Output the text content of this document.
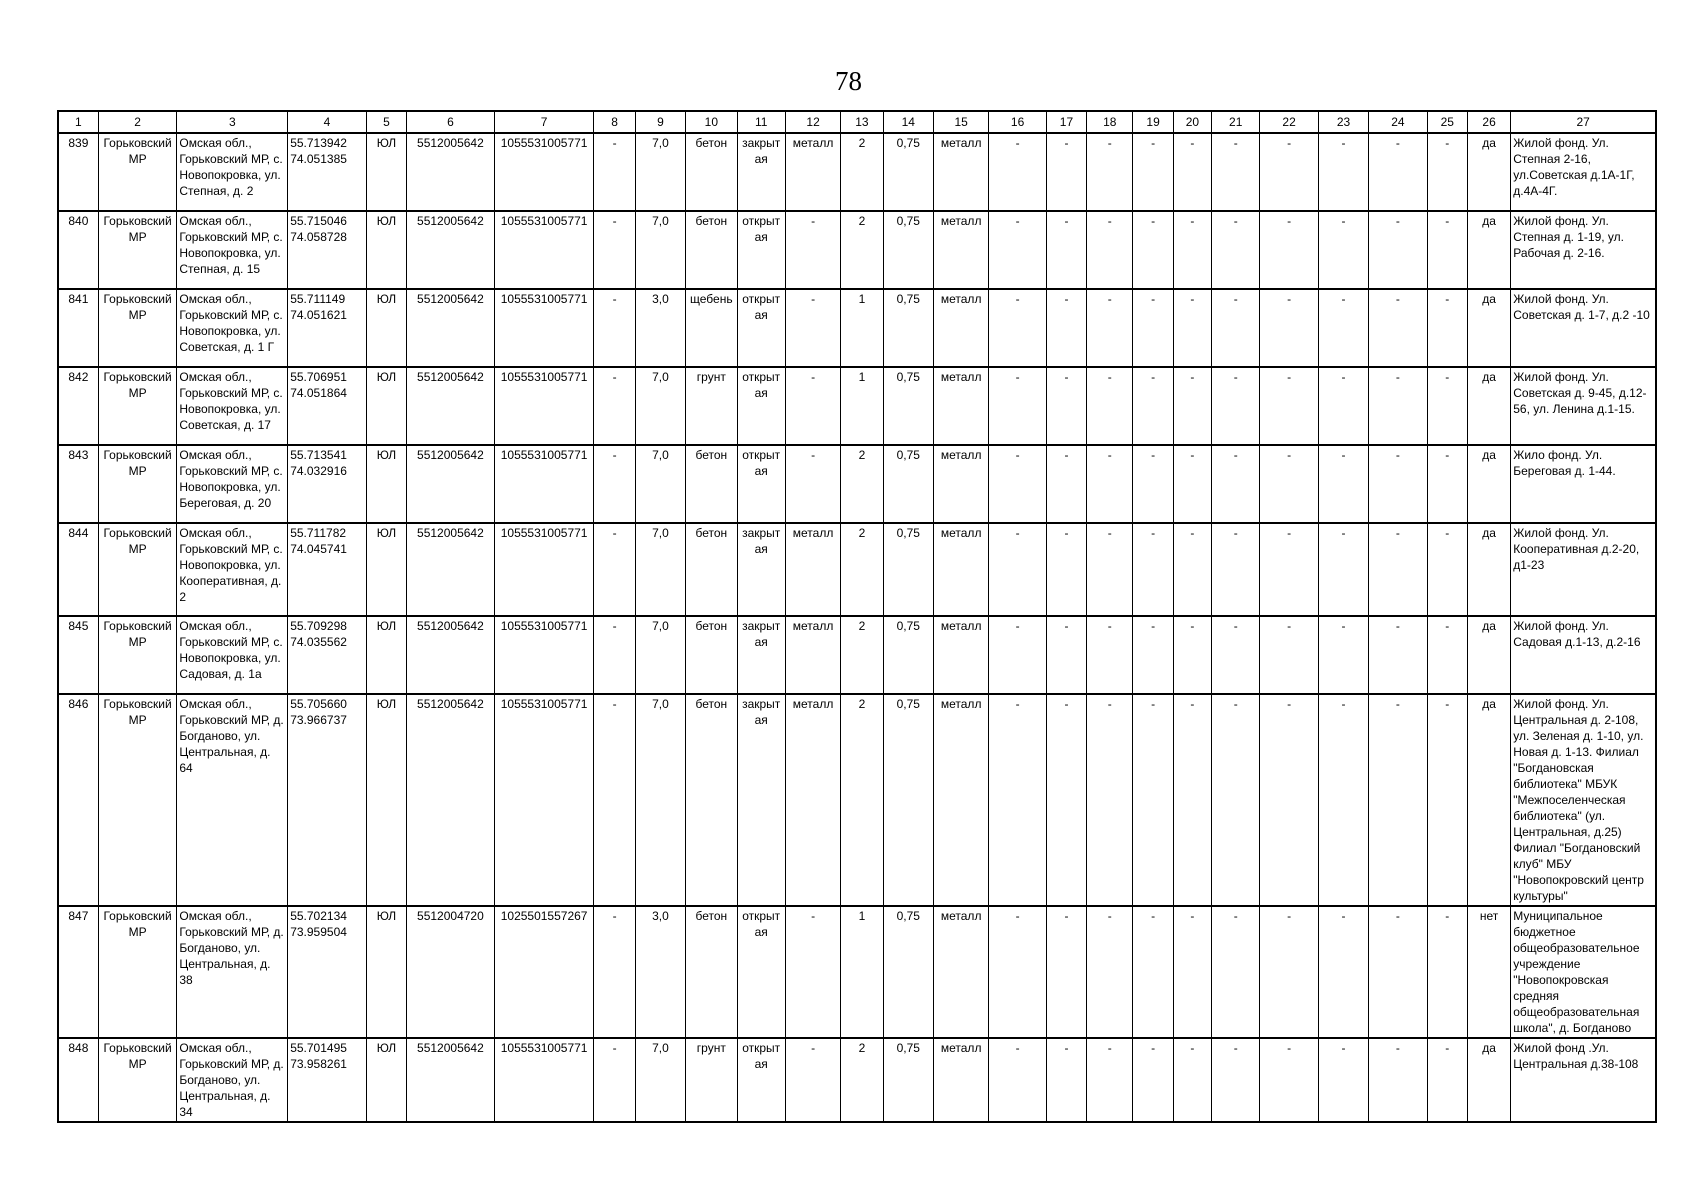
78
1	2	3	4	5	6	7	8	9	10	11	12	13	14	15	16	17	18	19	20	21	22	23	24	25	26	27
839	Горьковский МР	Омская обл., Горьковский МР, с. Новопокровка, ул. Степная, д. 2	55.713942 74.051385	ЮЛ	5512005642	1055531005771	-	7,0	бетон	закрытая	металл	2	0,75	металл	-	-	-	-	-	-	-	-	-	-	да	Жилой фонд. Ул. Степная 2-16, ул.Советская д.1А-1Г, д.4А-4Г.
840	Горьковский МР	Омская обл., Горьковский МР, с. Новопокровка, ул. Степная, д. 15	55.715046 74.058728	ЮЛ	5512005642	1055531005771	-	7,0	бетон	открытая	-	2	0,75	металл	-	-	-	-	-	-	-	-	-	-	да	Жилой фонд. Ул. Степная д. 1-19, ул. Рабочая д. 2-16.
841	Горьковский МР	Омская обл., Горьковский МР, с. Новопокровка, ул. Советская, д. 1 Г	55.711149 74.051621	ЮЛ	5512005642	1055531005771	-	3,0	щебень	открытая	-	1	0,75	металл	-	-	-	-	-	-	-	-	-	-	да	Жилой фонд. Ул. Советская д. 1-7, д.2 -10
842	Горьковский МР	Омская обл., Горьковский МР, с. Новопокровка, ул. Советская, д. 17	55.706951 74.051864	ЮЛ	5512005642	1055531005771	-	7,0	грунт	открытая	-	1	0,75	металл	-	-	-	-	-	-	-	-	-	-	да	Жилой фонд. Ул. Советская д. 9-45, д.12-56, ул. Ленина д.1-15.
843	Горьковский МР	Омская обл., Горьковский МР, с. Новопокровка, ул. Береговая, д. 20	55.713541 74.032916	ЮЛ	5512005642	1055531005771	-	7,0	бетон	открытая	-	2	0,75	металл	-	-	-	-	-	-	-	-	-	-	да	Жило фонд. Ул. Береговая д. 1-44.
844	Горьковский МР	Омская обл., Горьковский МР, с. Новопокровка, ул. Кооперативная, д. 2	55.711782 74.045741	ЮЛ	5512005642	1055531005771	-	7,0	бетон	закрытая	металл	2	0,75	металл	-	-	-	-	-	-	-	-	-	-	да	Жилой фонд. Ул. Кооперативная д.2-20, д1-23
845	Горьковский МР	Омская обл., Горьковский МР, с. Новопокровка, ул. Садовая, д. 1а	55.709298 74.035562	ЮЛ	5512005642	1055531005771	-	7,0	бетон	закрытая	металл	2	0,75	металл	-	-	-	-	-	-	-	-	-	-	да	Жилой фонд. Ул. Садовая д.1-13, д.2-16
846	Горьковский МР	Омская обл., Горьковский МР, д. Богданово, ул. Центральная, д. 64	55.705660 73.966737	ЮЛ	5512005642	1055531005771	-	7,0	бетон	закрытая	металл	2	0,75	металл	-	-	-	-	-	-	-	-	-	-	да	Жилой фонд. Ул. Центральная д. 2-108, ул. Зеленая д. 1-10, ул. Новая д. 1-13. Филиал "Богдановская библиотека" МБУК "Межпоселенческая библиотека" (ул. Центральная, д.25) Филиал "Богдановский клуб" МБУ "Новопокровский центр культуры"
847	Горьковский МР	Омская обл., Горьковский МР, д. Богданово, ул. Центральная, д. 38	55.702134 73.959504	ЮЛ	5512004720	1025501557267	-	3,0	бетон	открытая	-	1	0,75	металл	-	-	-	-	-	-	-	-	-	-	нет	Муниципальное бюджетное общеобразовательное учреждение "Новопокровская средняя общеобразовательная школа", д. Богданово
848	Горьковский МР	Омская обл., Горьковский МР, д. Богданово, ул. Центральная, д. 34	55.701495 73.958261	ЮЛ	5512005642	1055531005771	-	7,0	грунт	открытая	-	2	0,75	металл	-	-	-	-	-	-	-	-	-	-	да	Жилой фонд .Ул. Центральная д.38-108
